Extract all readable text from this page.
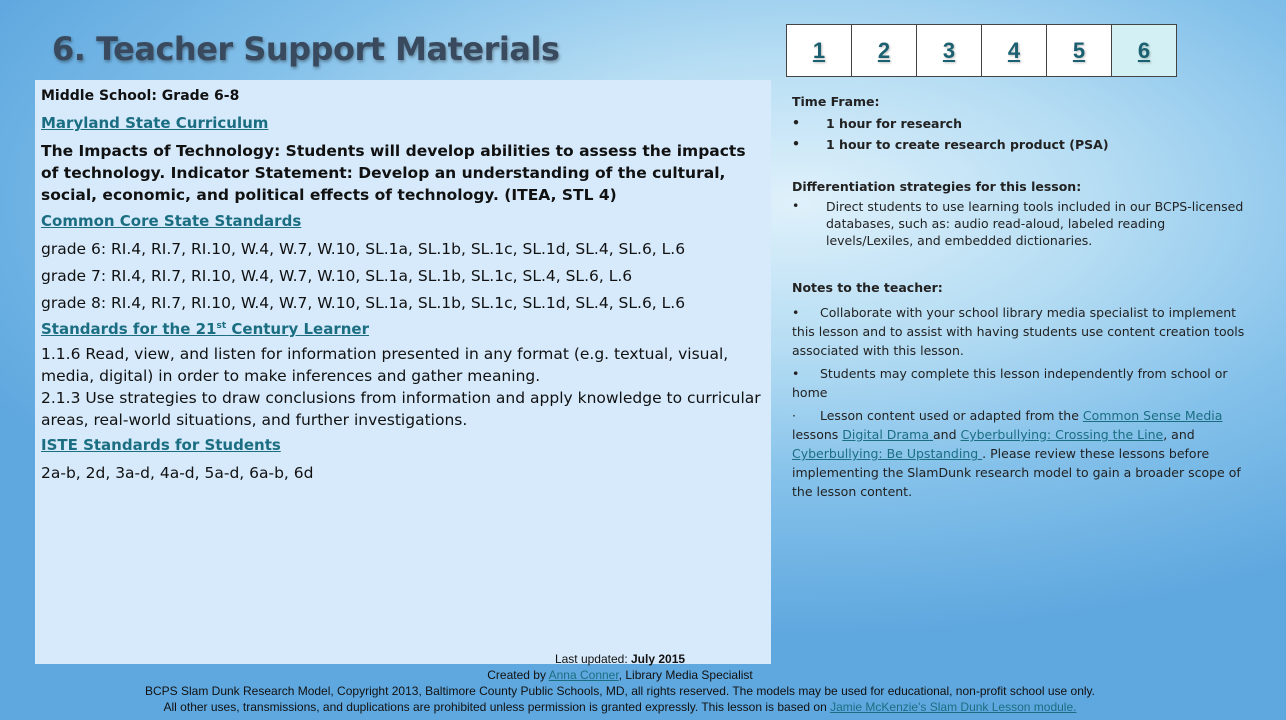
6. Teacher Support Materials	1	2	3	4	5	6

Middle School: Grade 6-8

Maryland State Curriculum

The Impacts of Technology: Students will develop abilities to assess the impacts of technology. Indicator Statement: Develop an understanding of the cultural, social, economic, and political effects of technology. (ITEA, STL 4)

Common Core State Standards

grade 6: RI.4, RI.7, RI.10, W.4, W.7, W.10, SL.1a, SL.1b, SL.1c, SL.1d, SL.4, SL.6, L.6

grade 7: RI.4, RI.7, RI.10, W.4, W.7, W.10, SL.1a, SL.1b, SL.1c, SL.4, SL.6, L.6

grade 8: RI.4, RI.7, RI.10, W.4, W.7, W.10, SL.1a, SL.1b, SL.1c, SL.1d, SL.4, SL.6, L.6

Standards for the 21st Century Learner

1.1.6 Read, view, and listen for information presented in any format (e.g. textual, visual, media, digital) in order to make inferences and gather meaning.

2.1.3 Use strategies to draw conclusions from information and apply knowledge to curricular areas, real-world situations, and further investigations.

ISTE Standards for Students

2a-b, 2d, 3a-d, 4a-d, 5a-d, 6a-b, 6d

Time Frame:
•	1 hour for research
•	1 hour to create research product (PSA)
Differentiation strategies for this lesson:
•	Direct students to use learning tools included in our BCPS-licensed databases, such as: audio read-aloud, labeled reading levels/Lexiles, and embedded dictionaries.
Notes to the teacher:
• Collaborate with your school library media specialist to implement this lesson and to assist with having students use content creation tools associated with this lesson.
• Students may complete this lesson independently from school or home
· Lesson content used or adapted from the Common Sense Media lessons Digital Drama and Cyberbullying: Crossing the Line, and Cyberbullying: Be Upstanding . Please review these lessons before implementing the SlamDunk research model to gain a broader scope of the lesson content.
Last updated: July 2015
Created by Anna Conner, Library Media Specialist
BCPS Slam Dunk Research Model, Copyright 2013, Baltimore County Public Schools, MD, all rights reserved. The models may be used for educational, non-profit school use only.
All other uses, transmissions, and duplications are prohibited unless permission is granted expressly. This lesson is based on Jamie McKenzie's Slam Dunk Lesson module.
